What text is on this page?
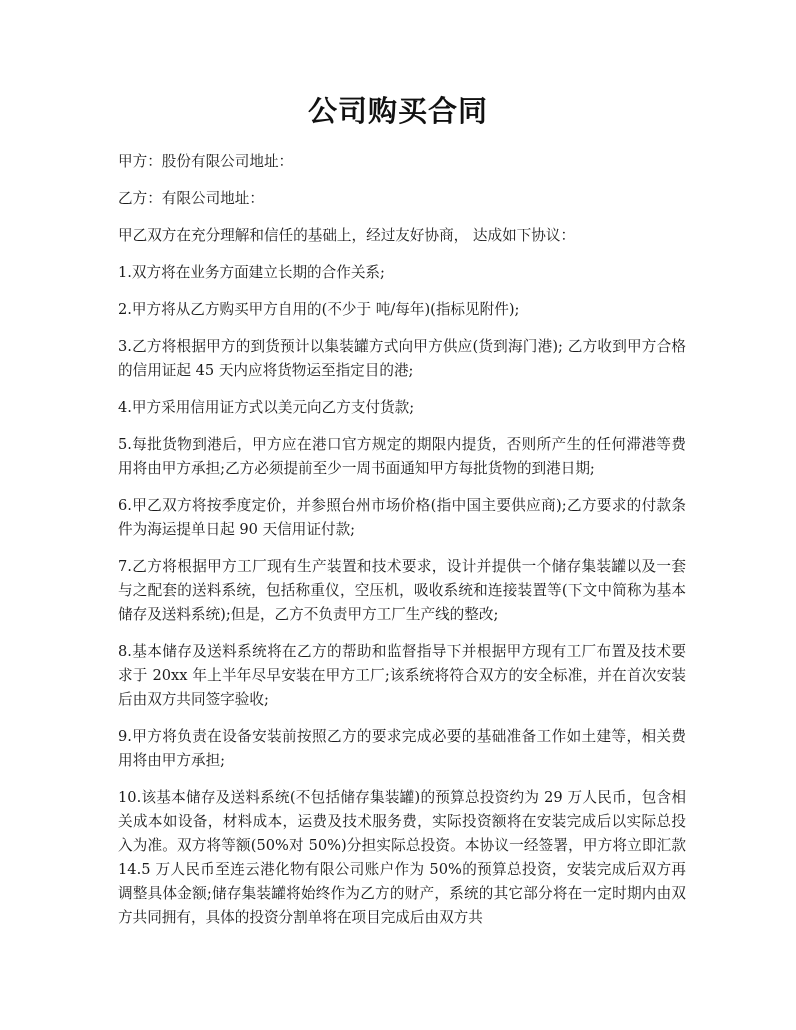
公司购买合同

甲方：股份有限公司地址：

乙方：有限公司地址：

甲乙双方在充分理解和信任的基础上，经过友好协商， 达成如下协议：

1.双方将在业务方面建立长期的合作关系;

2.甲方将从乙方购买甲方自用的(不少于 吨/每年)(指标见附件);

3.乙方将根据甲方的到货预计以集装罐方式向甲方供应(货到海门港); 乙方收到甲方合格的信用证起 45 天内应将货物运至指定目的港;

4.甲方采用信用证方式以美元向乙方支付货款;

5.每批货物到港后，甲方应在港口官方规定的期限内提货，否则所产生的任何滞港等费用将由甲方承担;乙方必须提前至少一周书面通知甲方每批货物的到港日期;

6.甲乙双方将按季度定价，并参照台州市场价格(指中国主要供应商);乙方要求的付款条件为海运提单日起 90 天信用证付款;

7.乙方将根据甲方工厂现有生产装置和技术要求，设计并提供一个储存集装罐以及一套与之配套的送料系统，包括称重仪，空压机，吸收系统和连接装置等(下文中简称为基本储存及送料系统);但是，乙方不负责甲方工厂生产线的整改;

8.基本储存及送料系统将在乙方的帮助和监督指导下并根据甲方现有工厂布置及技术要求于 20xx 年上半年尽早安装在甲方工厂;该系统将符合双方的安全标准，并在首次安装后由双方共同签字验收;

9.甲方将负责在设备安装前按照乙方的要求完成必要的基础准备工作如土建等，相关费用将由甲方承担;

10.该基本储存及送料系统(不包括储存集装罐)的预算总投资约为 29 万人民币，包含相关成本如设备，材料成本，运费及技术服务费，实际投资额将在安装完成后以实际总投入为准。双方将等额(50%对 50%)分担实际总投资。本协议一经签署，甲方将立即汇款 14.5 万人民币至连云港化物有限公司账户作为 50%的预算总投资，安装完成后双方再调整具体金额;储存集装罐将始终作为乙方的财产，系统的其它部分将在一定时期内由双方共同拥有，具体的投资分割单将在项目完成后由双方共
